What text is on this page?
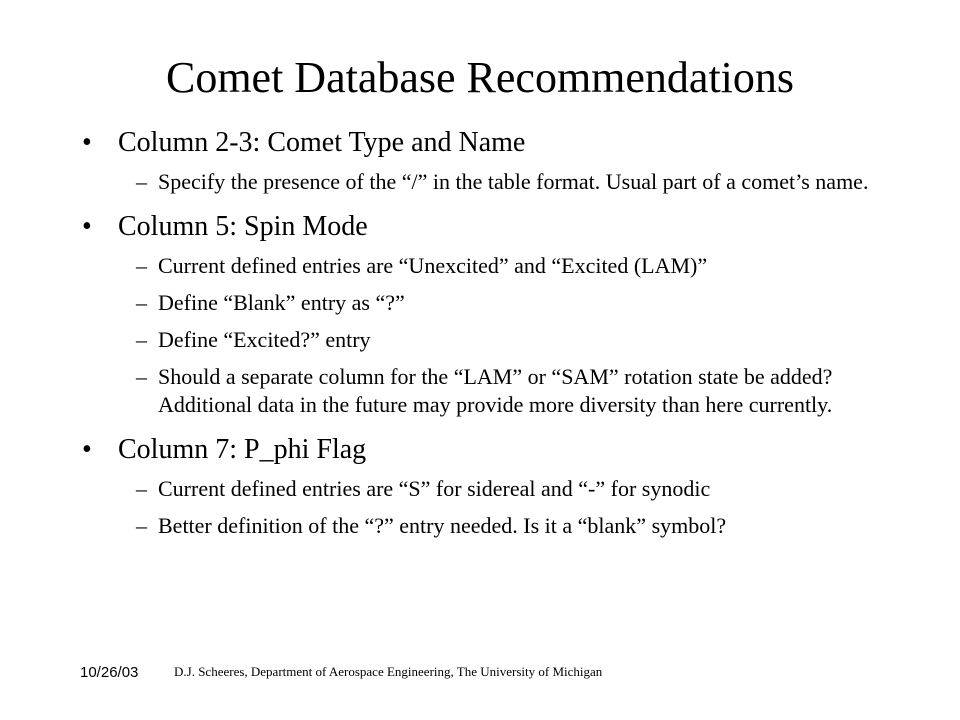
Comet Database Recommendations
• Column 2-3: Comet Type and Name
– Specify the presence of the “/” in the table format. Usual part of a comet’s name.
• Column 5: Spin Mode
– Current defined entries are “Unexcited” and “Excited (LAM)”
– Define “Blank” entry as “?”
– Define “Excited?” entry
– Should a separate column for the “LAM” or “SAM” rotation state be added? Additional data in the future may provide more diversity than here currently.
• Column 7: P_phi Flag
– Current defined entries are “S” for sidereal and “-” for synodic
– Better definition of the “?” entry needed. Is it a “blank” symbol?
10/26/03	D.J. Scheeres, Department of Aerospace Engineering, The University of Michigan
